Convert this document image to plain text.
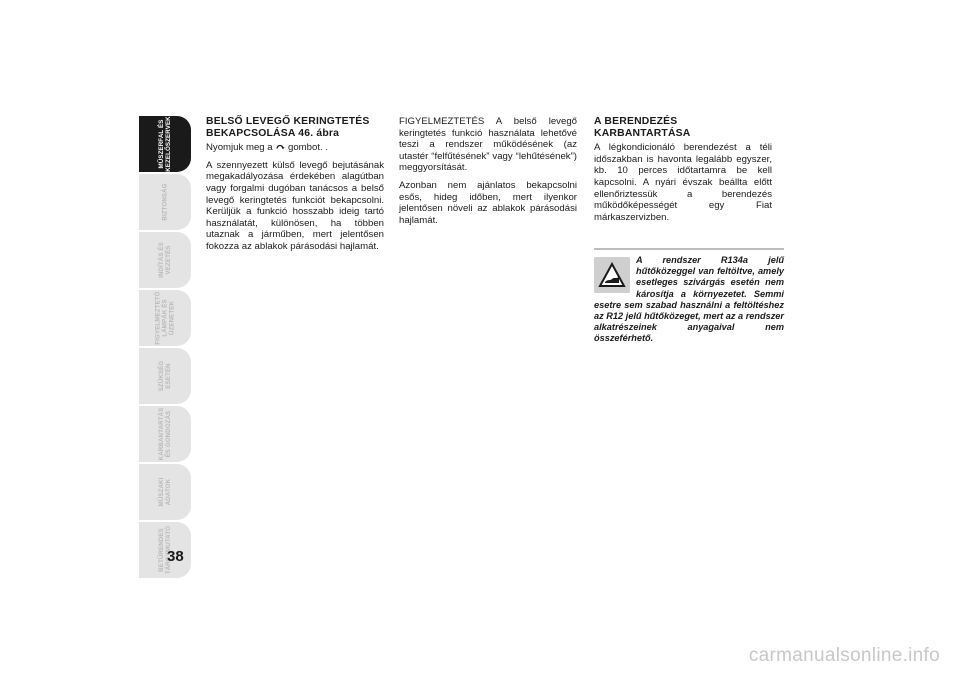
MŰSZERFAL ÉS
KEZELŐSZERVEK
BIZTONSÁG
INDÍTÁS ÉS
VEZETÉS
FIGYELMEZTETŐ
LÁMPÁK ÉS
ÜZENETEK
SZÜKSÉG
ESETÉN
KARBANTARTÁS
ÉS GONDOZÁS
MŰSZAKI
ADATOK
BETŰRENDES
TÁRGYMUTATÓ
38
BELSŐ LEVEGŐ KERINGTETÉS BEKAPCSOLÁSA 46. ábra

Nyomjuk meg a gombot. .

A szennyezett külső levegő bejutásának megakadályozása érdekében alagútban vagy forgalmi dugóban tanácsos a belső levegő keringtetés funkciót bekapcsolni. Kerüljük a funkció hosszabb ideig tartó használatát, különösen, ha többen utaznak a járműben, mert jelentősen fokozza az ablakok párásodási hajlamát.

FIGYELMEZTETÉS A belső levegő keringtetés funkció használata lehetővé teszi a rendszer működésének (az utastér “felfűtésének” vagy “lehűtésének”) meggyorsítását.

Azonban nem ajánlatos bekapcsolni esős, hideg időben, mert ilyenkor jelentősen növeli az ablakok párásodási hajlamát.

A BERENDEZÉS KARBANTARTÁSA

A légkondicionáló berendezést a téli időszakban is havonta legalább egyszer, kb. 10 perces időtartamra be kell kapcsolni. A nyári évszak beállta előtt ellenőriztessük a berendezés működőképességét egy Fiat márkaszervizben.

A rendszer R134a jelű hűtőközeggel van feltöltve, amely esetleges szivárgás esetén nem károsítja a környezetet. Semmi esetre sem szabad használni a feltöltéshez az R12 jelű hűtőközeget, mert az a rendszer alkatrészeinek anyagaival nem összeférhető.
carmanualsonline.info
